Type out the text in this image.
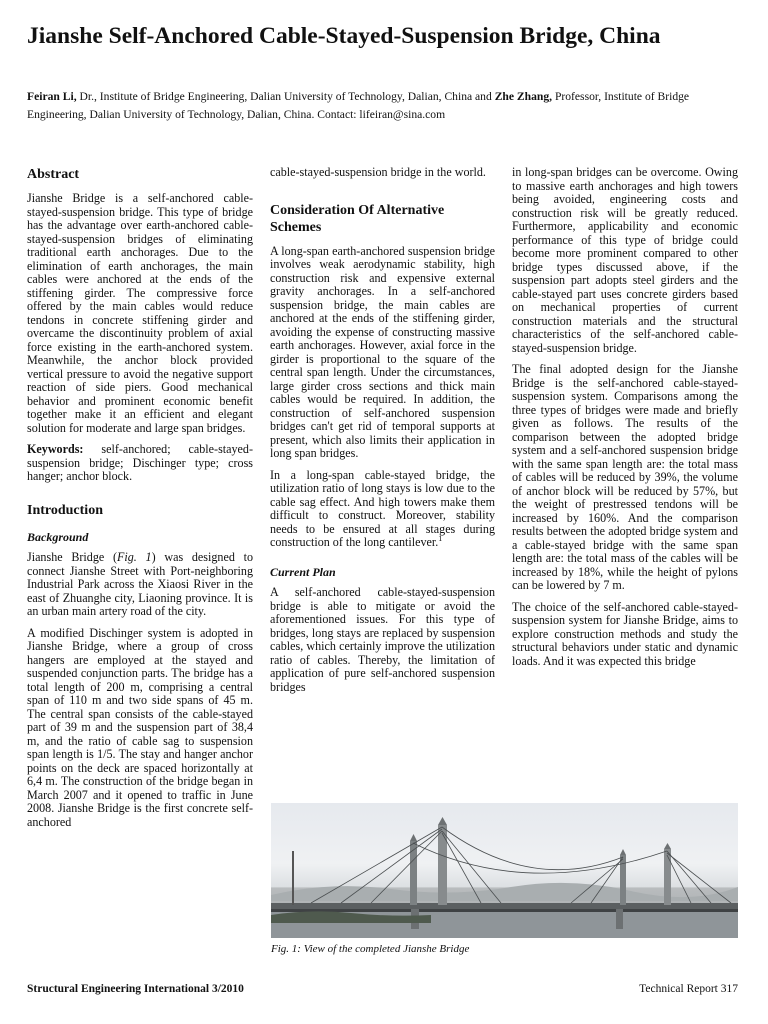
Jianshe Self-Anchored Cable-Stayed-Suspension Bridge, China
Feiran Li, Dr., Institute of Bridge Engineering, Dalian University of Technology, Dalian, China and Zhe Zhang, Professor, Institute of Bridge Engineering, Dalian University of Technology, Dalian, China. Contact: lifeiran@sina.com
Abstract

Jianshe Bridge is a self-anchored cable-stayed-suspension bridge. This type of bridge has the advantage over earth-anchored cable-stayed-suspension bridges of eliminating traditional earth anchorages. Due to the elimination of earth anchorages, the main cables were anchored at the ends of the stiffening girder. The compressive force offered by the main cables would reduce tendons in concrete stiffening girder and overcame the discontinuity problem of axial force existing in the earth-anchored system. Meanwhile, the anchor block provided vertical pressure to avoid the negative support reaction of side piers. Good mechanical behavior and prominent economic benefit together make it an efficient and elegant solution for moderate and large span bridges.

Keywords: self-anchored; cable-stayed-suspension bridge; Dischinger type; cross hanger; anchor block.

Introduction
Background

Jianshe Bridge (Fig. 1) was designed to connect Jianshe Street with Port-neighboring Industrial Park across the Xiaosi River in the east of Zhuanghe city, Liaoning province. It is an urban main artery road of the city.

A modified Dischinger system is adopted in Jianshe Bridge, where a group of cross hangers are employed at the stayed and suspended conjunction parts. The bridge has a total length of 200 m, comprising a central span of 110 m and two side spans of 45 m. The central span consists of the cable-stayed part of 39 m and the suspension part of 38,4 m, and the ratio of cable sag to suspension span length is 1/5. The stay and hanger anchor points on the deck are spaced horizontally at 6,4 m. The construction of the bridge began in March 2007 and it opened to traffic in June 2008. Jianshe Bridge is the first concrete self-anchored

cable-stayed-suspension bridge in the world.

Consideration Of Alternative Schemes

A long-span earth-anchored suspension bridge involves weak aerodynamic stability, high construction risk and expensive external gravity anchorages. In a self-anchored suspension bridge, the main cables are anchored at the ends of the stiffening girder, avoiding the expense of constructing massive earth anchorages. However, axial force in the girder is proportional to the square of the central span length. Under the circumstances, large girder cross sections and thick main cables would be required. In addition, the construction of self-anchored suspension bridges can't get rid of temporal supports at present, which also limits their application in long span bridges.

In a long-span cable-stayed bridge, the utilization ratio of long stays is low due to the cable sag effect. And high towers make them difficult to construct. Moreover, stability needs to be ensured at all stages during construction of the long cantilever.$^1$

Current Plan

A self-anchored cable-stayed-suspension bridge is able to mitigate or avoid the aforementioned issues. For this type of bridges, long stays are replaced by suspension cables, which certainly improve the utilization ratio of cables. Thereby, the limitation of application of pure self-anchored suspension bridges

in long-span bridges can be overcome. Owing to massive earth anchorages and high towers being avoided, engineering costs and construction risk will be greatly reduced. Furthermore, applicability and economic performance of this type of bridge could become more prominent compared to other bridge types discussed above, if the suspension part adopts steel girders and the cable-stayed part uses concrete girders based on mechanical properties of current construction materials and the structural characteristics of the self-anchored cable-stayed-suspension bridge.

The final adopted design for the Jianshe Bridge is the self-anchored cable-stayed-suspension system. Comparisons among the three types of bridges were made and briefly given as follows. The results of the comparison between the adopted bridge system and a self-anchored suspension bridge with the same span length are: the total mass of cables will be reduced by 39%, the volume of anchor block will be reduced by 57%, but the weight of prestressed tendons will be increased by 160%. And the comparison results between the adopted bridge system and a cable-stayed bridge with the same span length are: the total mass of the cables will be increased by 18%, while the height of pylons can be lowered by 7 m.

The choice of the self-anchored cable-stayed-suspension system for Jianshe Bridge, aims to explore construction methods and study the structural behaviors under static and dynamic loads. And it was expected this bridge

Fig. 1: View of the completed Jianshe Bridge
Structural Engineering International 3/2010	Technical Report 317
